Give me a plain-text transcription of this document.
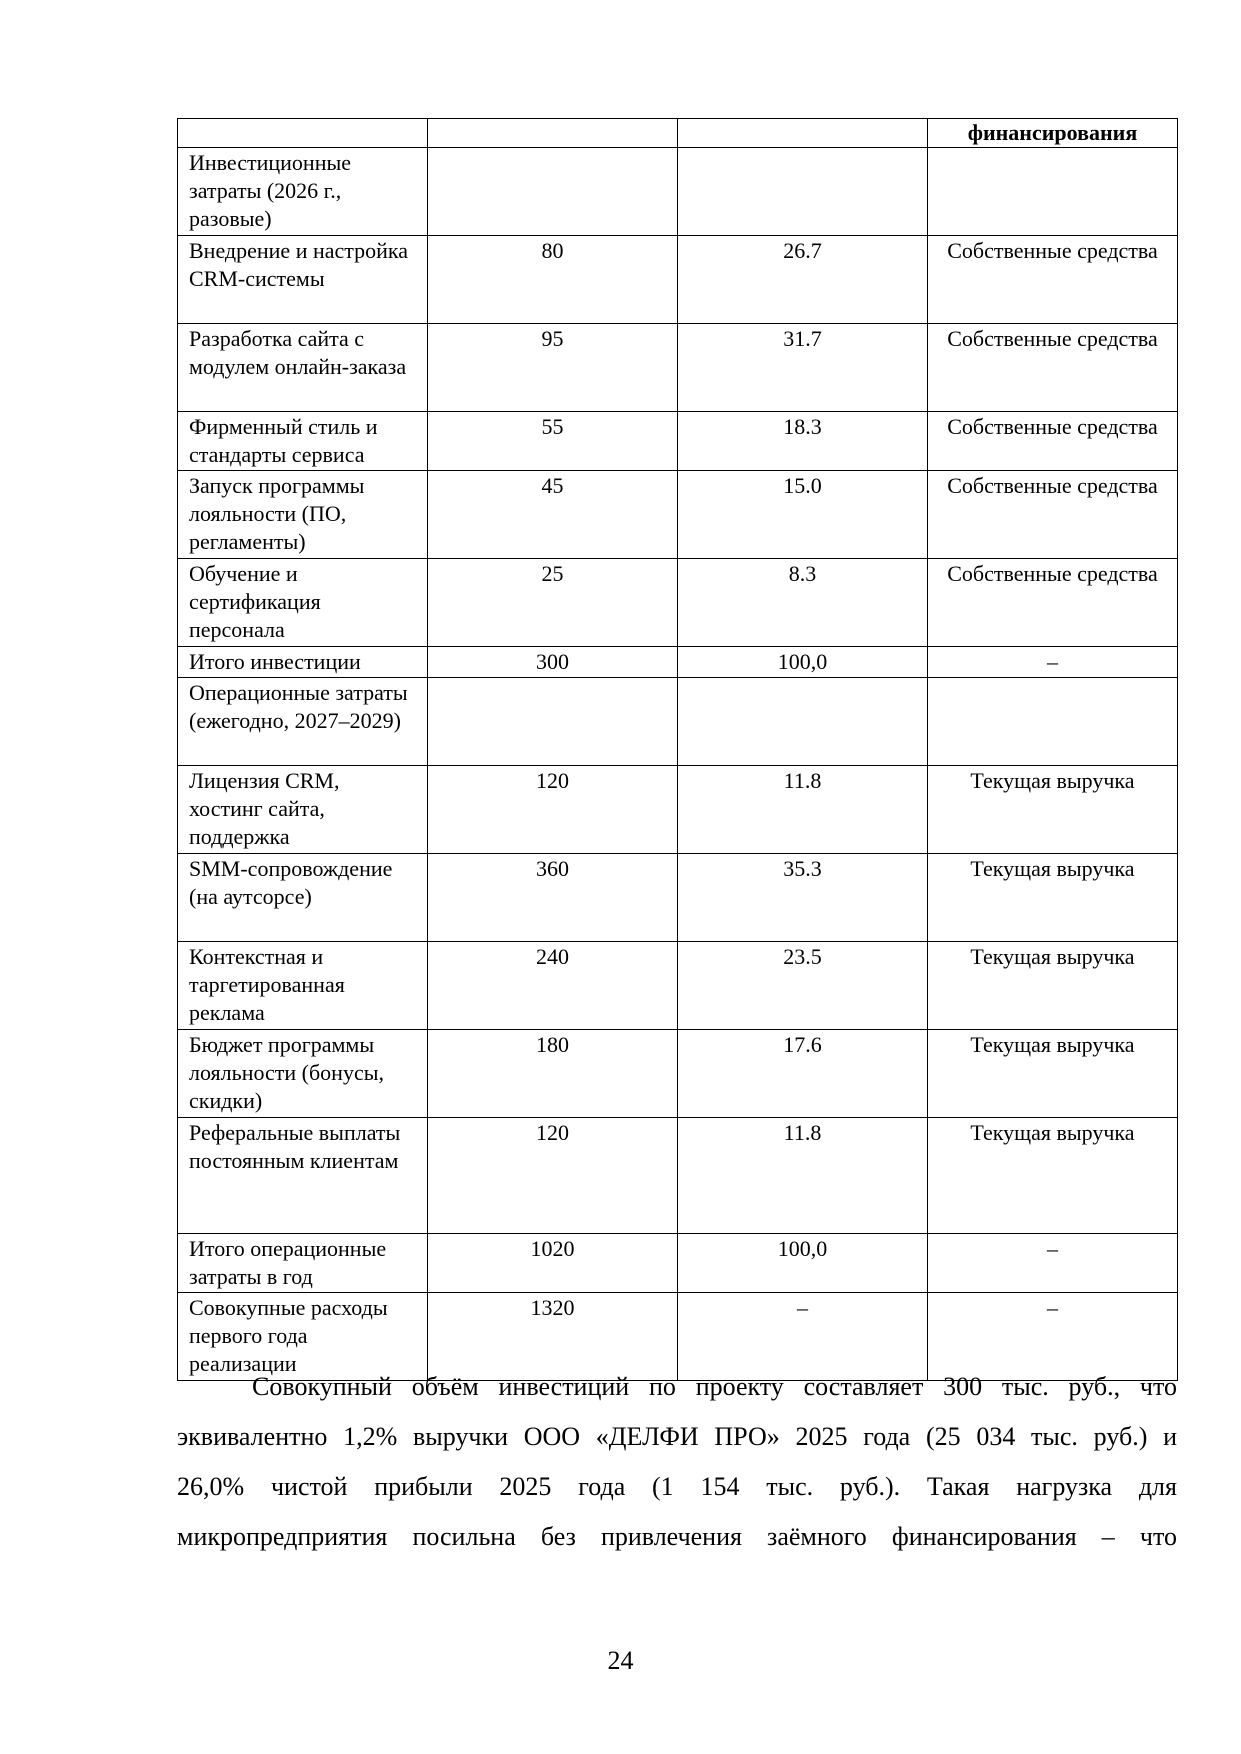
			финансирования
Инвестиционные затраты (2026 г., разовые)			
Внедрение и настройка CRM-системы	80	26.7	Собственные средства
Разработка сайта с модулем онлайн-заказа	95	31.7	Собственные средства
Фирменный стиль и стандарты сервиса	55	18.3	Собственные средства
Запуск программы лояльности (ПО, регламенты)	45	15.0	Собственные средства
Обучение и сертификация персонала	25	8.3	Собственные средства
Итого инвестиции	300	100,0	–
Операционные затраты (ежегодно, 2027–2029)			
Лицензия CRM, хостинг сайта, поддержка	120	11.8	Текущая выручка
SMM-сопровождение (на аутсорсе)	360	35.3	Текущая выручка
Контекстная и таргетированная реклама	240	23.5	Текущая выручка
Бюджет программы лояльности (бонусы, скидки)	180	17.6	Текущая выручка
Реферальные выплаты постоянным клиентам	120	11.8	Текущая выручка
Итого операционные затраты в год	1020	100,0	–
Совокупные расходы первого года реализации	1320	–	–
Совокупный объём инвестиций по проекту составляет 300 тыс. руб., что
эквивалентно 1,2% выручки ООО «ДЕЛФИ ПРО» 2025 года (25 034 тыс. руб.) и
26,0% чистой прибыли 2025 года (1 154 тыс. руб.). Такая нагрузка для
микропредприятия посильна без привлечения заёмного финансирования – что
24
